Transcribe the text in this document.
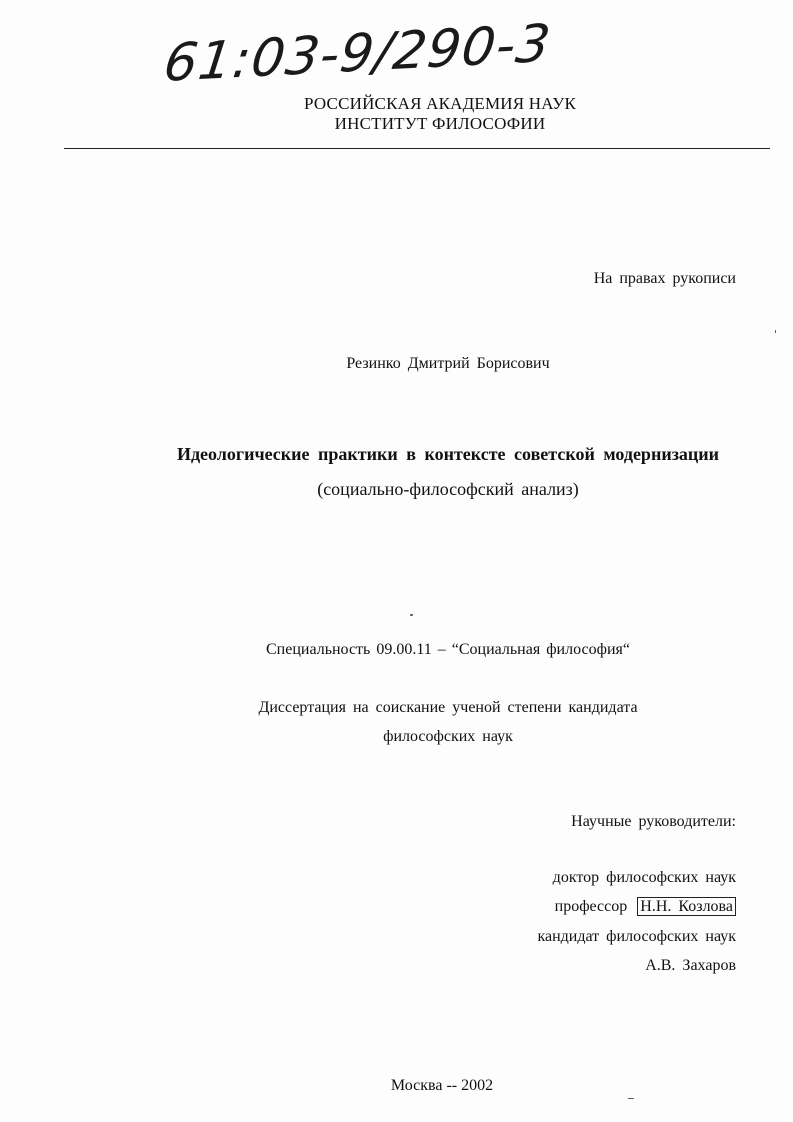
61:03-9/290-3
РОССИЙСКАЯ АКАДЕМИЯ НАУК
ИНСТИТУТ ФИЛОСОФИИ
На правах рукописи
Резинко Дмитрий Борисович
Идеологические практики в контексте советской модернизации
(социально-философский анализ)
Специальность 09.00.11 – “Социальная философия“
Диссертация на соискание ученой степени кандидата
философских наук
Научные руководители:
доктор философских наук
профессор Н.Н. Козлова
кандидат философских наук
А.В. Захаров
Москва -- 2002
